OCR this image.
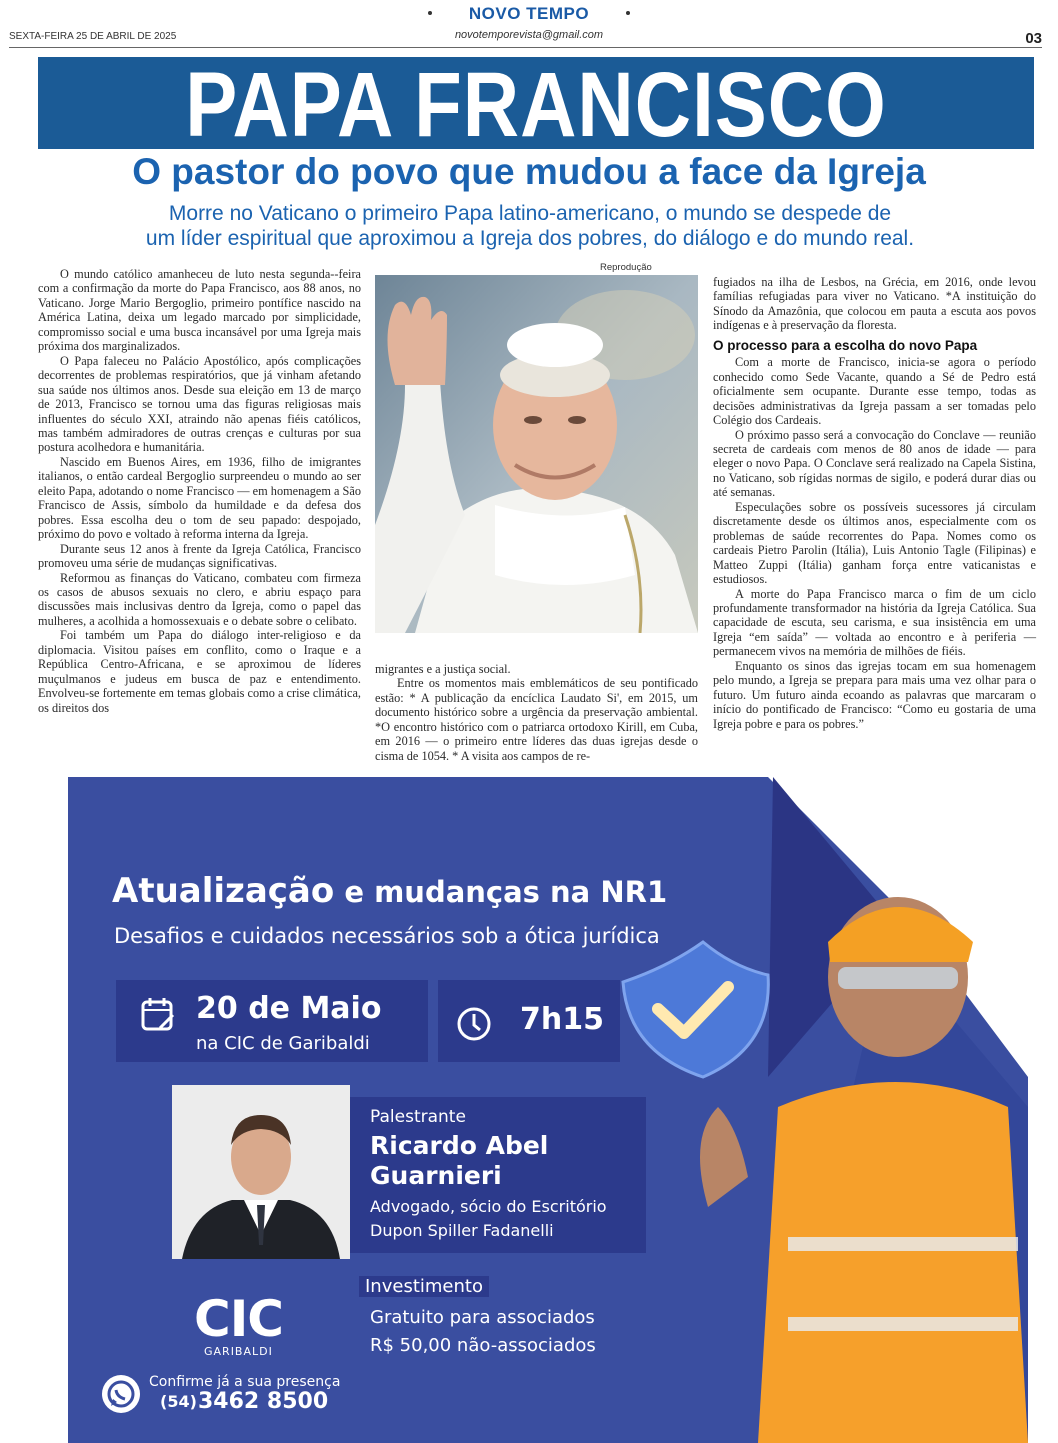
NOVO TEMPO
novotemporevista@gmail.com
SEXTA-FEIRA 25 DE ABRIL DE 2025	03
PAPA FRANCISCO
O pastor do povo que mudou a face da Igreja
Morre no Vaticano o primeiro Papa latino-americano, o mundo se despede de
um líder espiritual que aproximou a Igreja dos pobres, do diálogo e do mundo real.

O mundo católico amanheceu de luto nesta segunda--feira com a confirmação da morte do Papa Francisco, aos 88 anos, no Vaticano. Jorge Mario Bergoglio, primeiro pontífice nascido na América Latina, deixa um legado marcado por simplicidade, compromisso social e uma busca incansável por uma Igreja mais próxima dos marginalizados.

O Papa faleceu no Palácio Apostólico, após complicações decorrentes de problemas respiratórios, que já vinham afetando sua saúde nos últimos anos. Desde sua eleição em 13 de março de 2013, Francisco se tornou uma das figuras religiosas mais influentes do século XXI, atraindo não apenas fiéis católicos, mas também admiradores de outras crenças e culturas por sua postura acolhedora e humanitária.

Nascido em Buenos Aires, em 1936, filho de imigrantes italianos, o então cardeal Bergoglio surpreendeu o mundo ao ser eleito Papa, adotando o nome Francisco — em homenagem a São Francisco de Assis, símbolo da humildade e da defesa dos pobres. Essa escolha deu o tom de seu papado: despojado, próximo do povo e voltado à reforma interna da Igreja.

Durante seus 12 anos à frente da Igreja Católica, Francisco promoveu uma série de mudanças significativas.

Reformou as finanças do Vaticano, combateu com firmeza os casos de abusos sexuais no clero, e abriu espaço para discussões mais inclusivas dentro da Igreja, como o papel das mulheres, a acolhida a homossexuais e o debate sobre o celibato.

Foi também um Papa do diálogo inter-religioso e da diplomacia. Visitou países em conflito, como o Iraque e a República Centro-Africana, e se aproximou de líderes muçulmanos e judeus em busca de paz e entendimento. Envolveu-se fortemente em temas globais como a crise climática, os direitos dos

Reprodução

migrantes e a justiça social.

Entre os momentos mais emblemáticos de seu pontificado estão: * A publicação da encíclica Laudato Si', em 2015, um documento histórico sobre a urgência da preservação ambiental. *O encontro histórico com o patriarca ortodoxo Kirill, em Cuba, em 2016 — o primeiro entre líderes das duas igrejas desde o cisma de 1054. * A visita aos campos de re-

fugiados na ilha de Lesbos, na Grécia, em 2016, onde levou famílias refugiadas para viver no Vaticano. *A instituição do Sínodo da Amazônia, que colocou em pauta a escuta aos povos indígenas e à preservação da floresta.

O processo para a escolha do novo Papa

Com a morte de Francisco, inicia-se agora o período conhecido como Sede Vacante, quando a Sé de Pedro está oficialmente sem ocupante. Durante esse tempo, todas as decisões administrativas da Igreja passam a ser tomadas pelo Colégio dos Cardeais.

O próximo passo será a convocação do Conclave — reunião secreta de cardeais com menos de 80 anos de idade — para eleger o novo Papa. O Conclave será realizado na Capela Sistina, no Vaticano, sob rígidas normas de sigilo, e poderá durar dias ou até semanas.

Especulações sobre os possíveis sucessores já circulam discretamente desde os últimos anos, especialmente com os problemas de saúde recorrentes do Papa. Nomes como os cardeais Pietro Parolin (Itália), Luis Antonio Tagle (Filipinas) e Matteo Zuppi (Itália) ganham força entre vaticanistas e estudiosos.

A morte do Papa Francisco marca o fim de um ciclo profundamente transformador na história da Igreja Católica. Sua capacidade de escuta, seu carisma, e sua insistência em uma Igreja “em saída” — voltada ao encontro e à periferia — permanecem vivos na memória de milhões de fiéis.

Enquanto os sinos das igrejas tocam em sua homenagem pelo mundo, a Igreja se prepara para mais uma vez olhar para o futuro. Um futuro ainda ecoando as palavras que marcaram o início do pontificado de Francisco: “Como eu gostaria de uma Igreja pobre e para os pobres.”

Atualização e mudanças na NR1
Desafios e cuidados necessários sob a ótica jurídica
20 de Maio
na CIC de Garibaldi
7h15
Palestrante
Ricardo Abel
Guarnieri
Advogado, sócio do Escritório
Dupon Spiller Fadanelli
Investimento
Gratuito para associados
R$ 50,00 não-associados
CIC
GARIBALDI
Confirme já a sua presença
(54) 3462 8500
